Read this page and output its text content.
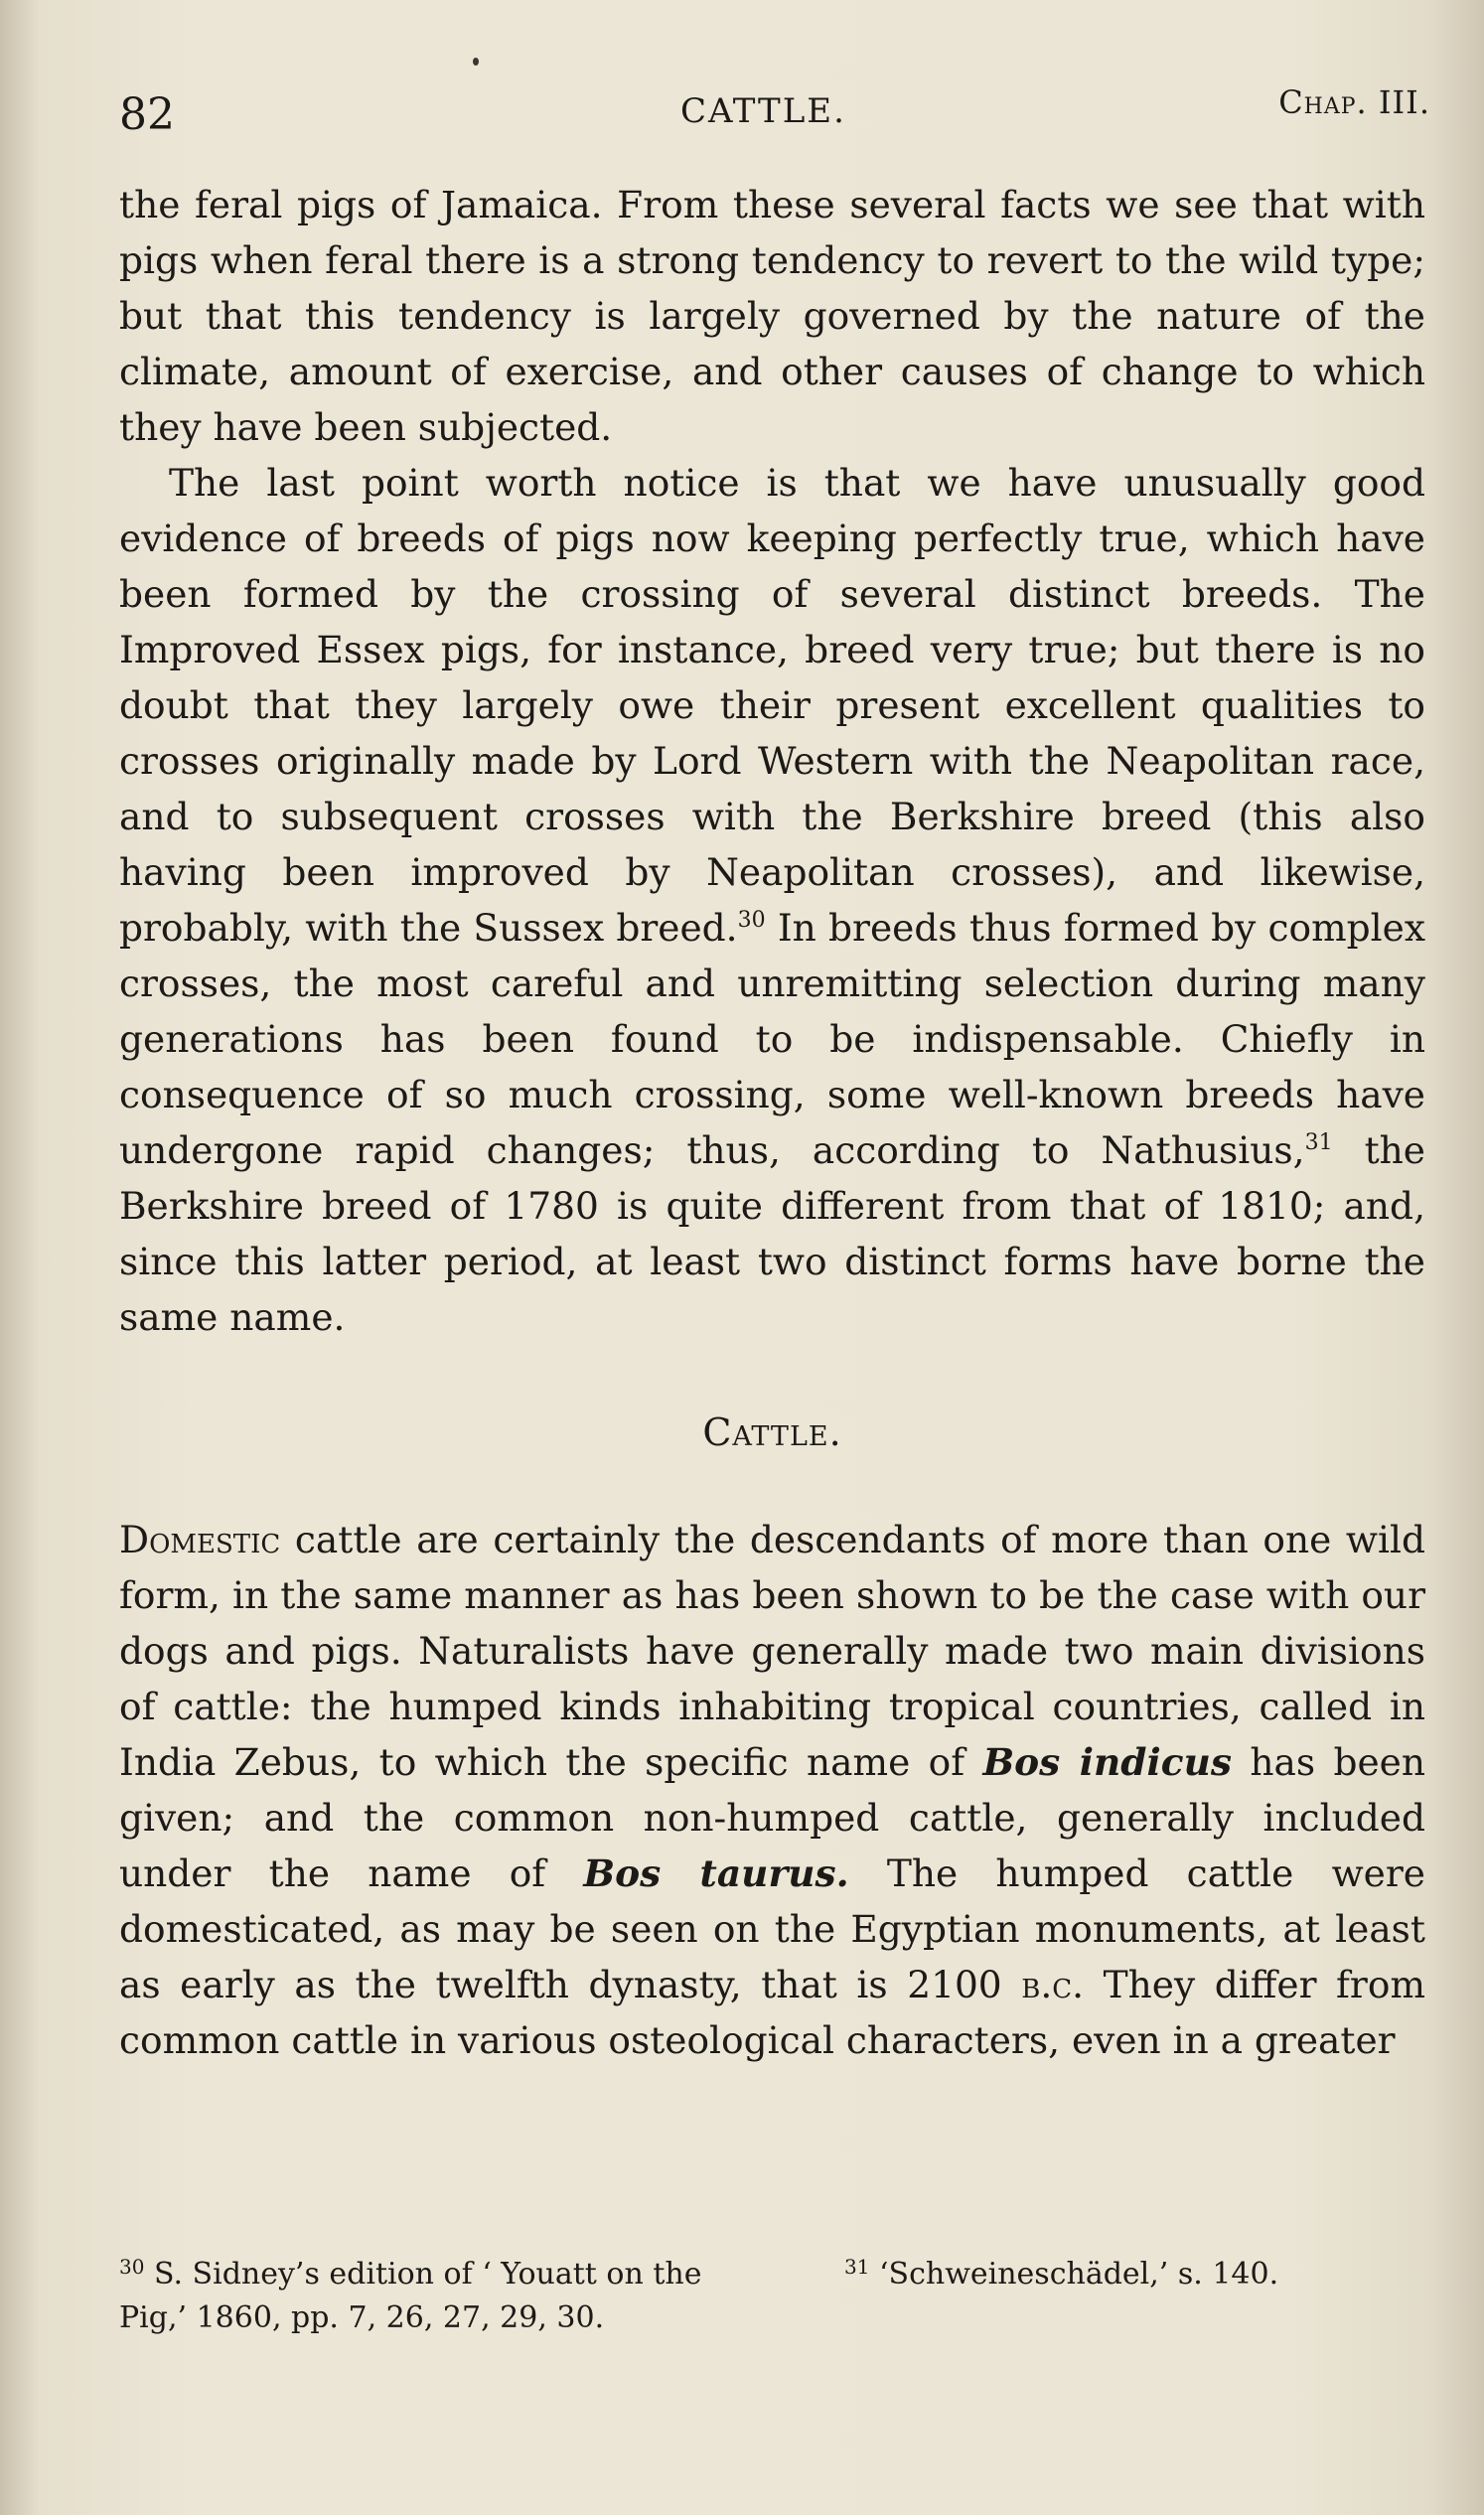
82	CATTLE.	Chap. III.

the feral pigs of Jamaica. From these several facts we see that with pigs when feral there is a strong tendency to revert to the wild type; but that this tendency is largely governed by the nature of the climate, amount of exercise, and other causes of change to which they have been subjected.

The last point worth notice is that we have unusually good evidence of breeds of pigs now keeping perfectly true, which have been formed by the crossing of several distinct breeds. The Improved Essex pigs, for instance, breed very true; but there is no doubt that they largely owe their present excellent qualities to crosses originally made by Lord Western with the Neapolitan race, and to subsequent crosses with the Berkshire breed (this also having been improved by Neapolitan crosses), and likewise, probably, with the Sussex breed.$^{30}$ In breeds thus formed by complex crosses, the most careful and unremitting selection during many generations has been found to be indispensable. Chiefly in consequence of so much crossing, some well-known breeds have undergone rapid changes; thus, according to Nathusius,$^{31}$ the Berkshire breed of 1780 is quite different from that of 1810; and, since this latter period, at least two distinct forms have borne the same name.

Cattle.

Domestic cattle are certainly the descendants of more than one wild form, in the same manner as has been shown to be the case with our dogs and pigs. Naturalists have generally made two main divisions of cattle: the humped kinds inhabiting tropical countries, called in India Zebus, to which the specific name of Bos indicus has been given; and the common non-humped cattle, generally included under the name of Bos taurus. The humped cattle were domesticated, as may be seen on the Egyptian monuments, at least as early as the twelfth dynasty, that is 2100 b.c. They differ from common cattle in various osteological characters, even in a greater

$^{30}$ S. Sidney’s edition of ‘ Youatt on the Pig,’ 1860, pp. 7, 26, 27, 29, 30.
$^{31}$ ‘Schweineschädel,’ s. 140.
